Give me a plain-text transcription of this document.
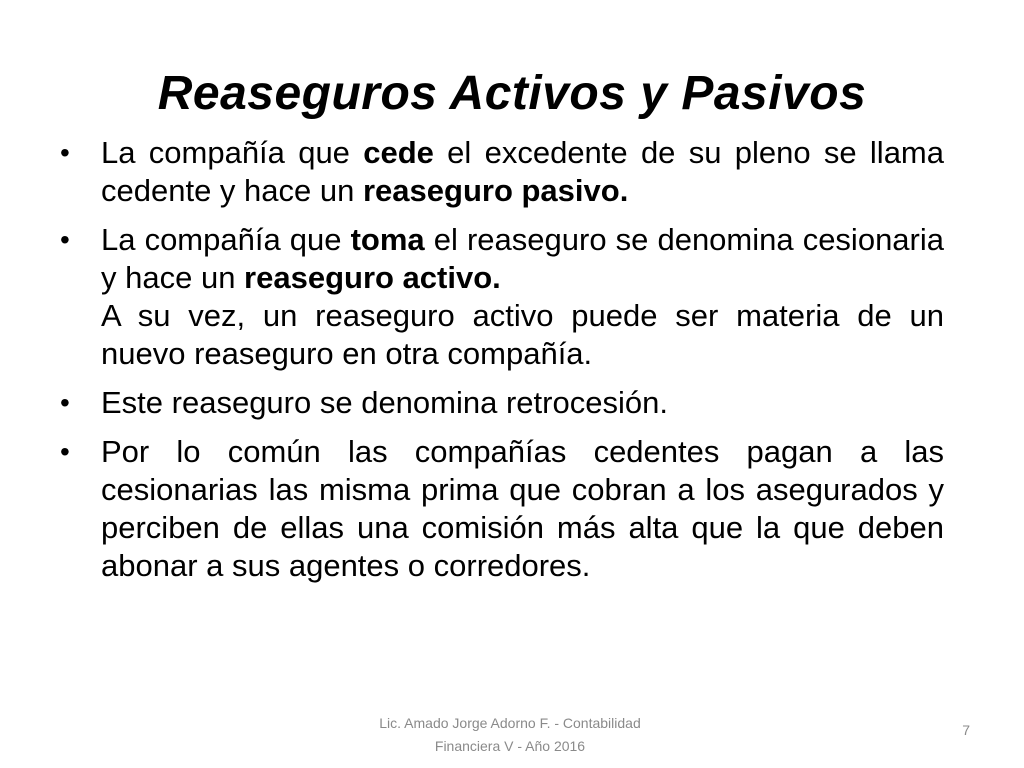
Reaseguros Activos y Pasivos
•	La compañía que cede el excedente de su pleno se llama cedente y hace un reaseguro pasivo.
•	La compañía que toma el reaseguro se denomina cesionaria y hace un reaseguro activo.
A su vez, un reaseguro activo puede ser materia de un nuevo reaseguro en otra compañía.
•	Este reaseguro se denomina retrocesión.
•	Por lo común las compañías cedentes pagan a las cesionarias las misma prima que cobran a los asegurados y perciben de ellas una comisión más alta que la que deben abonar a sus agentes o corredores.
Lic. Amado Jorge Adorno F. - Contabilidad
Financiera V - Año 2016
7
